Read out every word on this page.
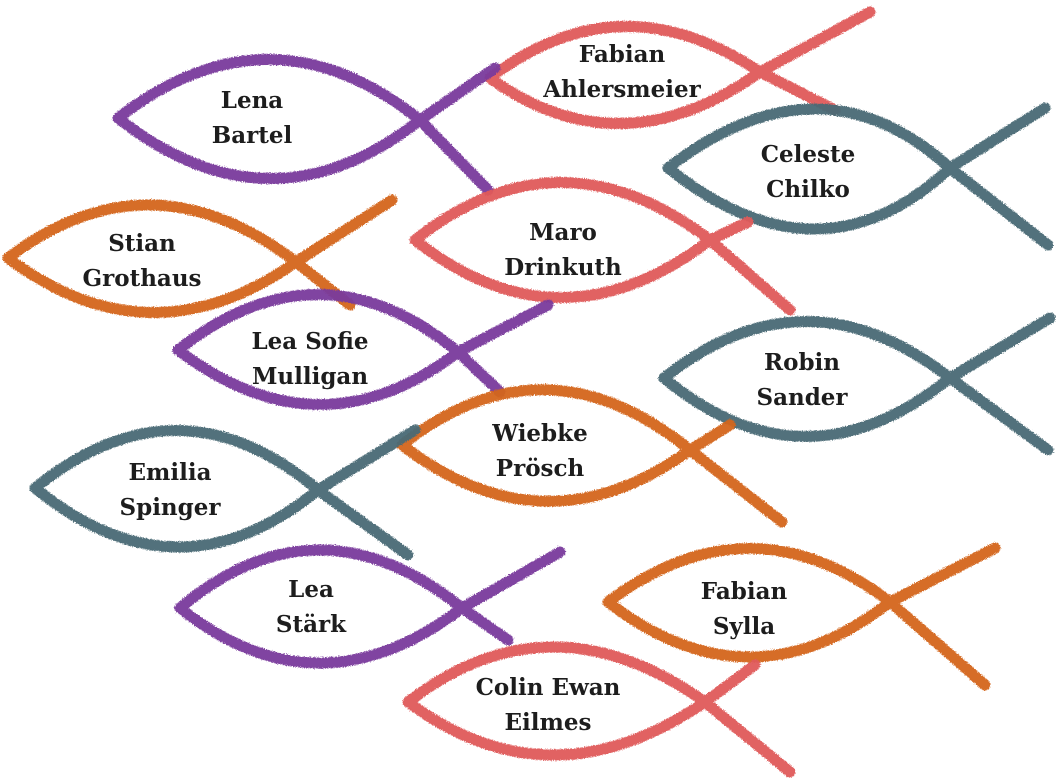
Fabian
Ahlersmeier
Lena
Bartel
Celeste
Chilko
Maro
Drinkuth
Stian
Grothaus
Lea Sofie
Mulligan
Robin
Sander
Wiebke
Prösch
Emilia
Spinger
Lea
Stärk
Fabian
Sylla
Colin Ewan
Eilmes
